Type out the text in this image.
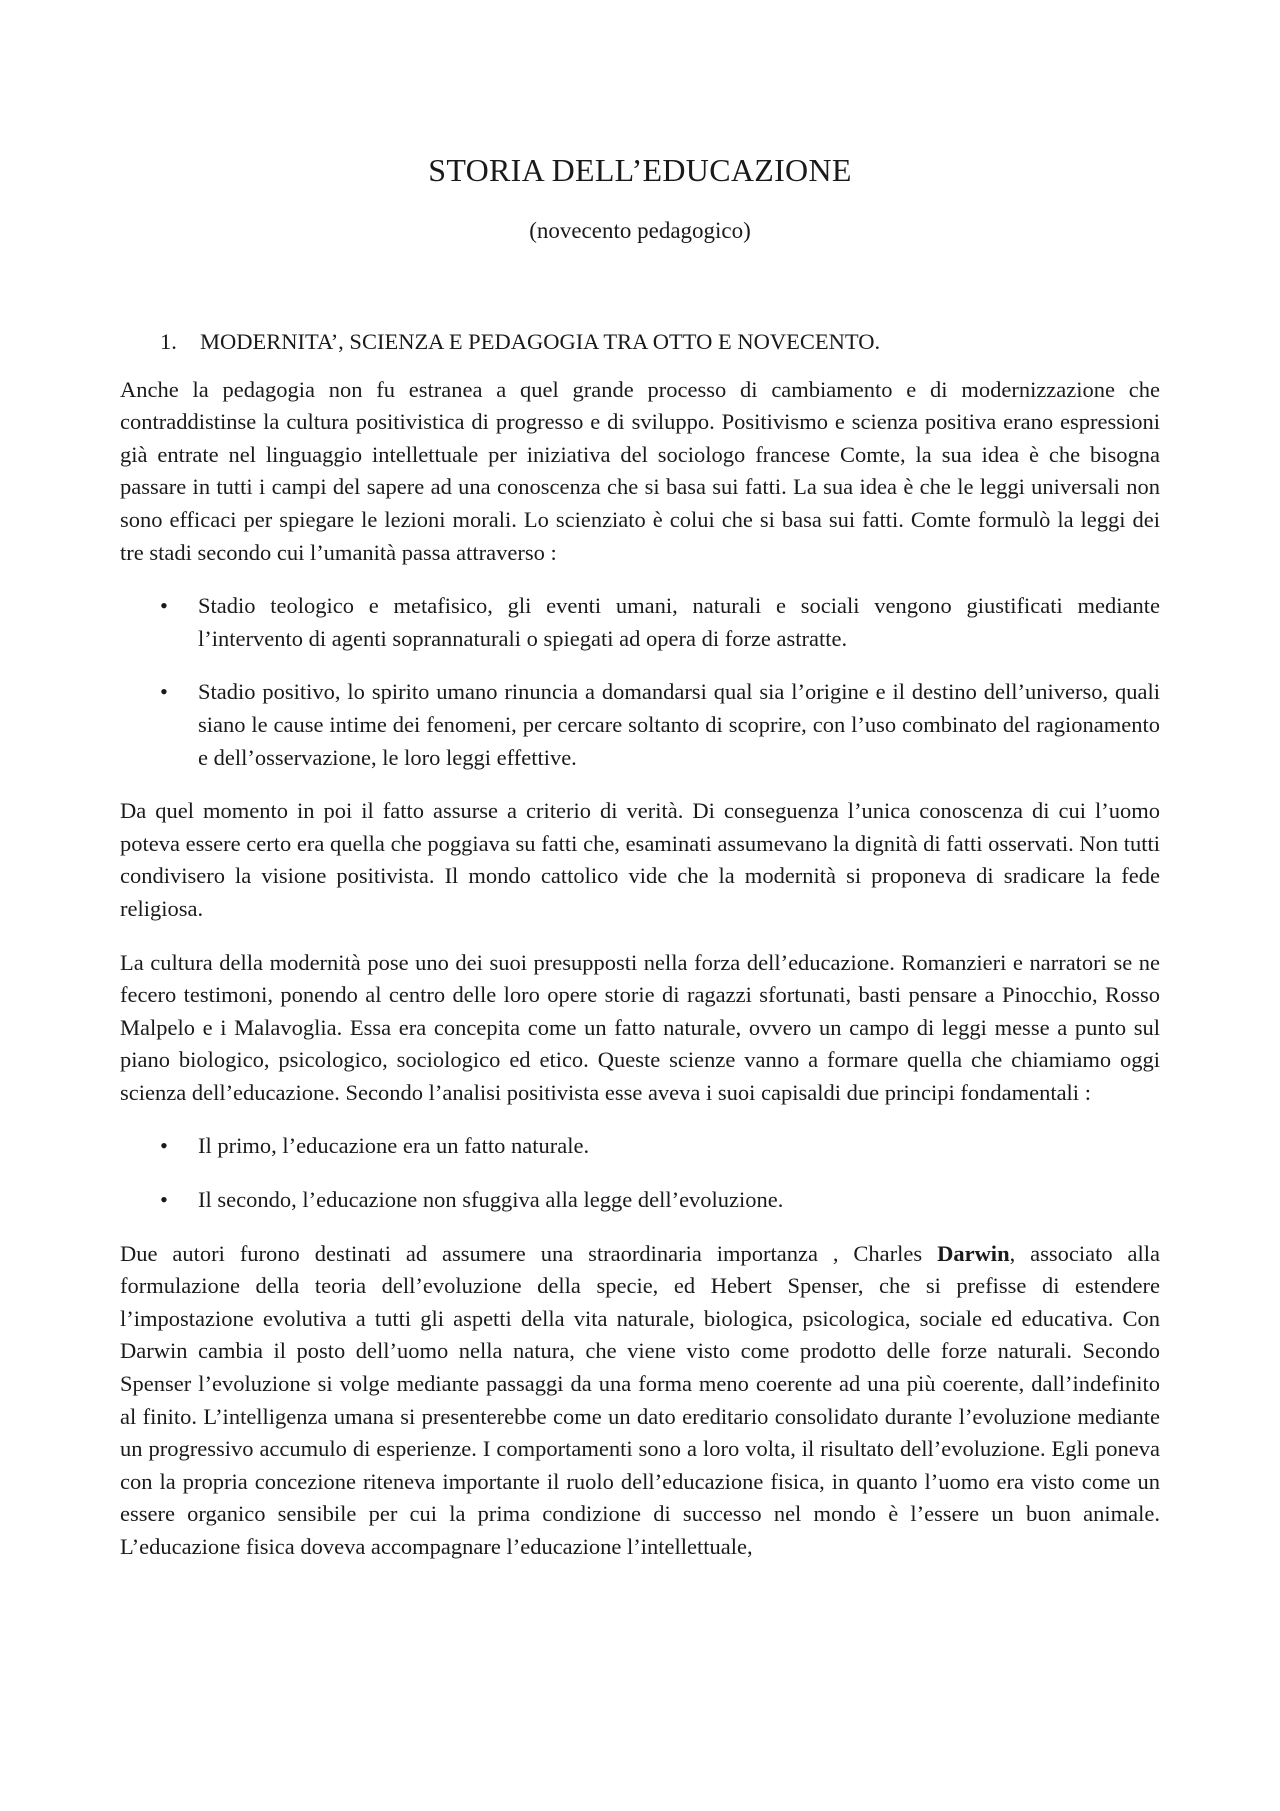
STORIA DELL’EDUCAZIONE
(novecento pedagogico)
1.	MODERNITA’, SCIENZA E PEDAGOGIA TRA OTTO E NOVECENTO.

Anche la pedagogia non fu estranea a quel grande processo di cambiamento e di modernizzazione che contraddistinse la cultura positivistica di progresso e di sviluppo. Positivismo e scienza positiva erano espressioni già entrate nel linguaggio intellettuale per iniziativa del sociologo francese Comte, la sua idea è che bisogna passare in tutti i campi del sapere ad una conoscenza che si basa sui fatti. La sua idea è che le leggi universali non sono efficaci per spiegare le lezioni morali. Lo scienziato è colui che si basa sui fatti. Comte formulò la leggi dei tre stadi secondo cui l’umanità passa attraverso :

•	Stadio teologico e metafisico, gli eventi umani, naturali e sociali vengono giustificati mediante l’intervento di agenti soprannaturali o spiegati ad opera di forze astratte.
•	Stadio positivo, lo spirito umano rinuncia a domandarsi qual sia l’origine e il destino dell’universo, quali siano le cause intime dei fenomeni, per cercare soltanto di scoprire, con l’uso combinato del ragionamento e dell’osservazione, le loro leggi effettive.

Da quel momento in poi il fatto assurse a criterio di verità. Di conseguenza l’unica conoscenza di cui l’uomo poteva essere certo era quella che poggiava su fatti che, esaminati assumevano la dignità di fatti osservati. Non tutti condivisero la visione positivista. Il mondo cattolico vide che la modernità si proponeva di sradicare la fede religiosa.

La cultura della modernità pose uno dei suoi presupposti nella forza dell’educazione. Romanzieri e narratori se ne fecero testimoni, ponendo al centro delle loro opere storie di ragazzi sfortunati, basti pensare a Pinocchio, Rosso Malpelo e i Malavoglia. Essa era concepita come un fatto naturale, ovvero un campo di leggi messe a punto sul piano biologico, psicologico, sociologico ed etico. Queste scienze vanno a formare quella che chiamiamo oggi scienza dell’educazione. Secondo l’analisi positivista esse aveva i suoi capisaldi due principi fondamentali :

•	Il primo, l’educazione era un fatto naturale.
•	Il secondo, l’educazione non sfuggiva alla legge dell’evoluzione.

Due autori furono destinati ad assumere una straordinaria importanza , Charles Darwin, associato alla formulazione della teoria dell’evoluzione della specie, ed Hebert Spenser, che si prefisse di estendere l’impostazione evolutiva a tutti gli aspetti della vita naturale, biologica, psicologica, sociale ed educativa. Con Darwin cambia il posto dell’uomo nella natura, che viene visto come prodotto delle forze naturali. Secondo Spenser l’evoluzione si volge mediante passaggi da una forma meno coerente ad una più coerente, dall’indefinito al finito. L’intelligenza umana si presenterebbe come un dato ereditario consolidato durante l’evoluzione mediante un progressivo accumulo di esperienze. I comportamenti sono a loro volta, il risultato dell’evoluzione. Egli poneva con la propria concezione riteneva importante il ruolo dell’educazione fisica, in quanto l’uomo era visto come un essere organico sensibile per cui la prima condizione di successo nel mondo è l’essere un buon animale. L’educazione fisica doveva accompagnare l’educazione l’intellettuale,
